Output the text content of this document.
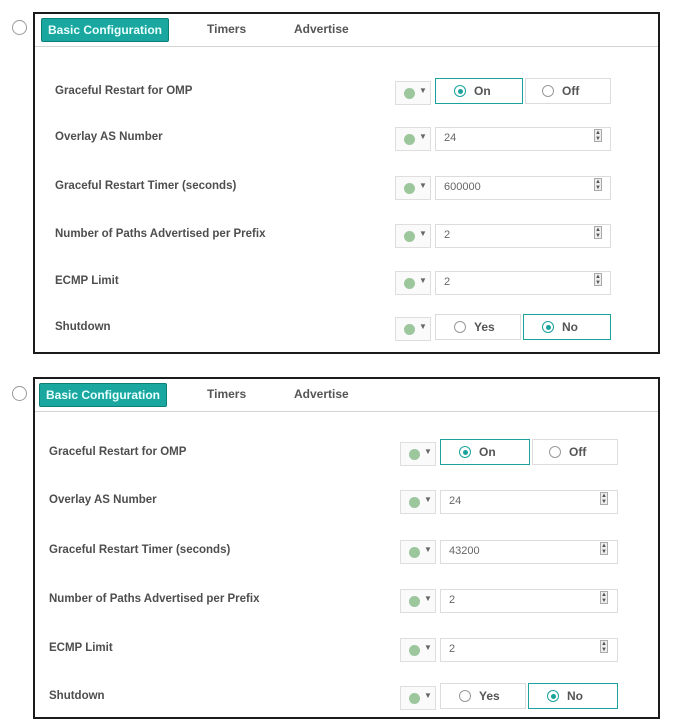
Basic Configuration	Timers	Advertise
Graceful Restart for OMP	▼	On	Off
Overlay AS Number	▼	24	▲
▼
Graceful Restart Timer (seconds)	▼	600000	▲
▼
Number of Paths Advertised per Prefix	▼	2	▲
▼
ECMP Limit	▼	2	▲
▼
Shutdown	▼	Yes	No
Basic Configuration	Timers	Advertise
Graceful Restart for OMP	▼	On	Off
Overlay AS Number	▼	24	▲
▼
Graceful Restart Timer (seconds)	▼	43200	▲
▼
Number of Paths Advertised per Prefix	▼	2	▲
▼
ECMP Limit	▼	2	▲
▼
Shutdown	▼	Yes	No
